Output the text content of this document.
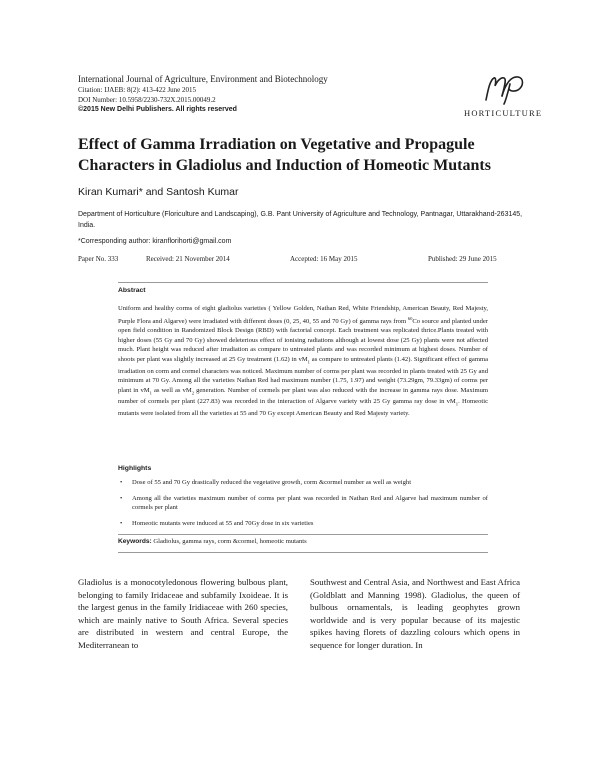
International Journal of Agriculture, Environment and Biotechnology
Citation: IJAEB: 8(2): 413-422 June 2015
DOI Number: 10.5958/2230-732X.2015.00049.2
©2015 New Delhi Publishers. All rights reserved	HORTICULTURE
Effect of Gamma Irradiation on Vegetative and Propagule Characters in Gladiolus and Induction of Homeotic Mutants
Kiran Kumari* and Santosh Kumar
Department of Horticulture (Floriculture and Landscaping), G.B. Pant University of Agriculture and Technology, Pantnagar, Uttarakhand-263145, India.
*Corresponding author: kiranflorihorti@gmail.com
Paper No. 333	Received: 21 November 2014	Accepted: 16 May 2015	Published: 29 June 2015
Abstract
Uniform and healthy corms of eight gladiolus varieties ( Yellow Golden, Nathan Red, White Friendship, American Beauty, Red Majesty, Purple Flora and Algarve) were irradiated with different doses (0, 25, 40, 55 and 70 Gy) of gamma rays from $^{60}$Co source and planted under open field condition in Randomized Block Design (RBD) with factorial concept. Each treatment was replicated thrice.Plants treated with higher doses (55 Gy and 70 Gy) showed deleterious effect of ionising radiations although at lowest dose (25 Gy) plants were not affected much. Plant height was reduced after irradiation as compare to untreated plants and was recorded minimum at highest doses. Number of shoots per plant was slightly increased at 25 Gy treatment (1.62) in $vM_1$ as compare to untreated plants (1.42). Significant effect of gamma irradiation on corm and cormel characters was noticed. Maximum number of corms per plant was recorded in plants treated with 25 Gy and minimum at 70 Gy. Among all the varieties Nathan Red had maximum number (1.75, 1.97) and weight (73.29gm, 79.33gm) of corms per plant in $vM_1$ as well as $vM_2$ generation. Number of cormels per plant was also reduced with the increase in gamma rays dose. Maximum number of cormels per plant (227.83) was recorded in the interaction of Algarve variety with 25 Gy gamma ray dose in $vM_1$. Homeotic mutants were isolated from all the varieties at 55 and 70 Gy except American Beauty and Red Majesty variety.
Highlights
• Dose of 55 and 70 Gy drastically reduced the vegetative growth, corm &cormel number as well as weight
• Among all the varieties maximum number of corms per plant was recorded in Nathan Red and Algarve had maximum number of cormels per plant
• Homeotic mutants were induced at 55 and 70Gy dose in six varieties
Keywords: Gladiolus, gamma rays, corm &cormel, homeotic mutants
Gladiolus is a monocotyledonous flowering bulbous plant, belonging to family Iridaceae and subfamily Ixoideae. It is the largest genus in the family Iridiaceae with 260 species, which are mainly native to South Africa. Several species are distributed in western and central Europe, the Mediterranean to
Southwest and Central Asia, and Northwest and East Africa (Goldblatt and Manning 1998). Gladiolus, the queen of bulbous ornamentals, is leading geophytes grown worldwide and is very popular because of its majestic spikes having florets of dazzling colours which opens in sequence for longer duration. In
